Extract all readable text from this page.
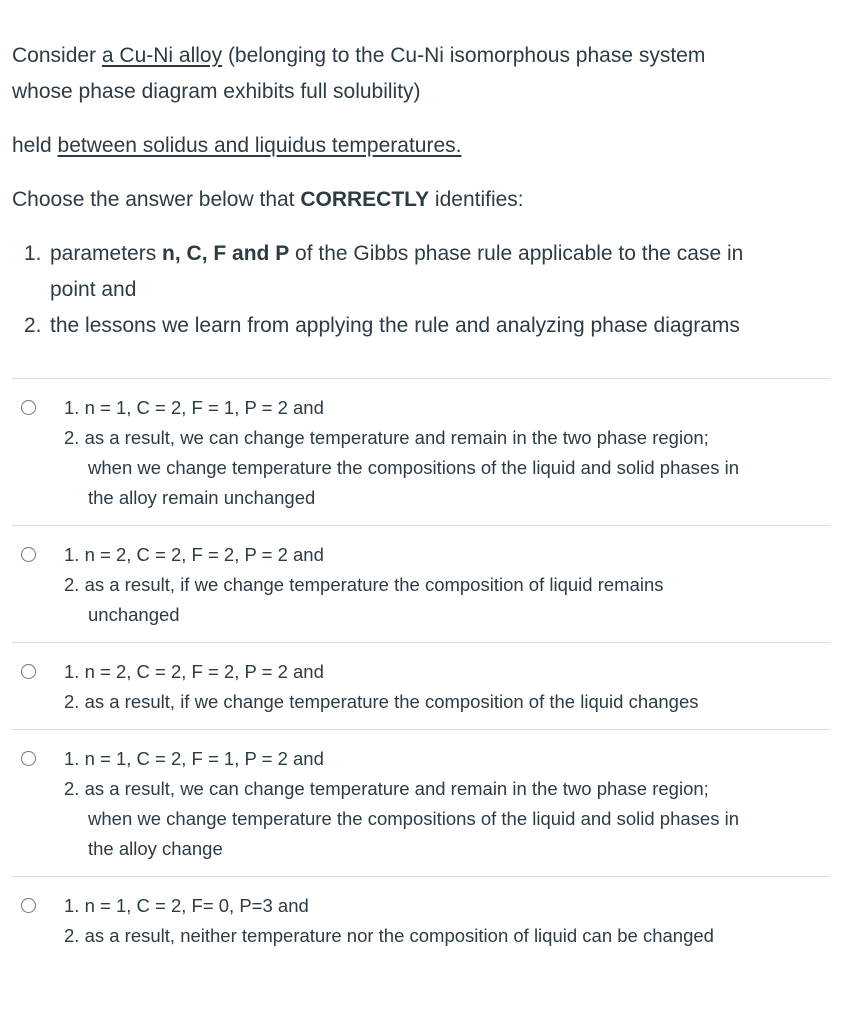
Consider a Cu-Ni alloy (belonging to the Cu-Ni isomorphous phase system
whose phase diagram exhibits full solubility)

held between solidus and liquidus temperatures.

Choose the answer below that CORRECTLY identifies:

1. parameters n, C, F and P of the Gibbs phase rule applicable to the case in
point and
2. the lessons we learn from applying the rule and analyzing phase diagrams
1. n = 1, C = 2, F = 1, P = 2 and
2. as a result, we can change temperature and remain in the two phase region;
when we change temperature the compositions of the liquid and solid phases in
the alloy remain unchanged
1. n = 2, C = 2, F = 2, P = 2 and
2. as a result, if we change temperature the composition of liquid remains
unchanged
1. n = 2, C = 2, F = 2, P = 2 and
2. as a result, if we change temperature the composition of the liquid changes
1. n = 1, C = 2, F = 1, P = 2 and
2. as a result, we can change temperature and remain in the two phase region;
when we change temperature the compositions of the liquid and solid phases in
the alloy change
1. n = 1, C = 2, F= 0, P=3 and
2. as a result, neither temperature nor the composition of liquid can be changed
